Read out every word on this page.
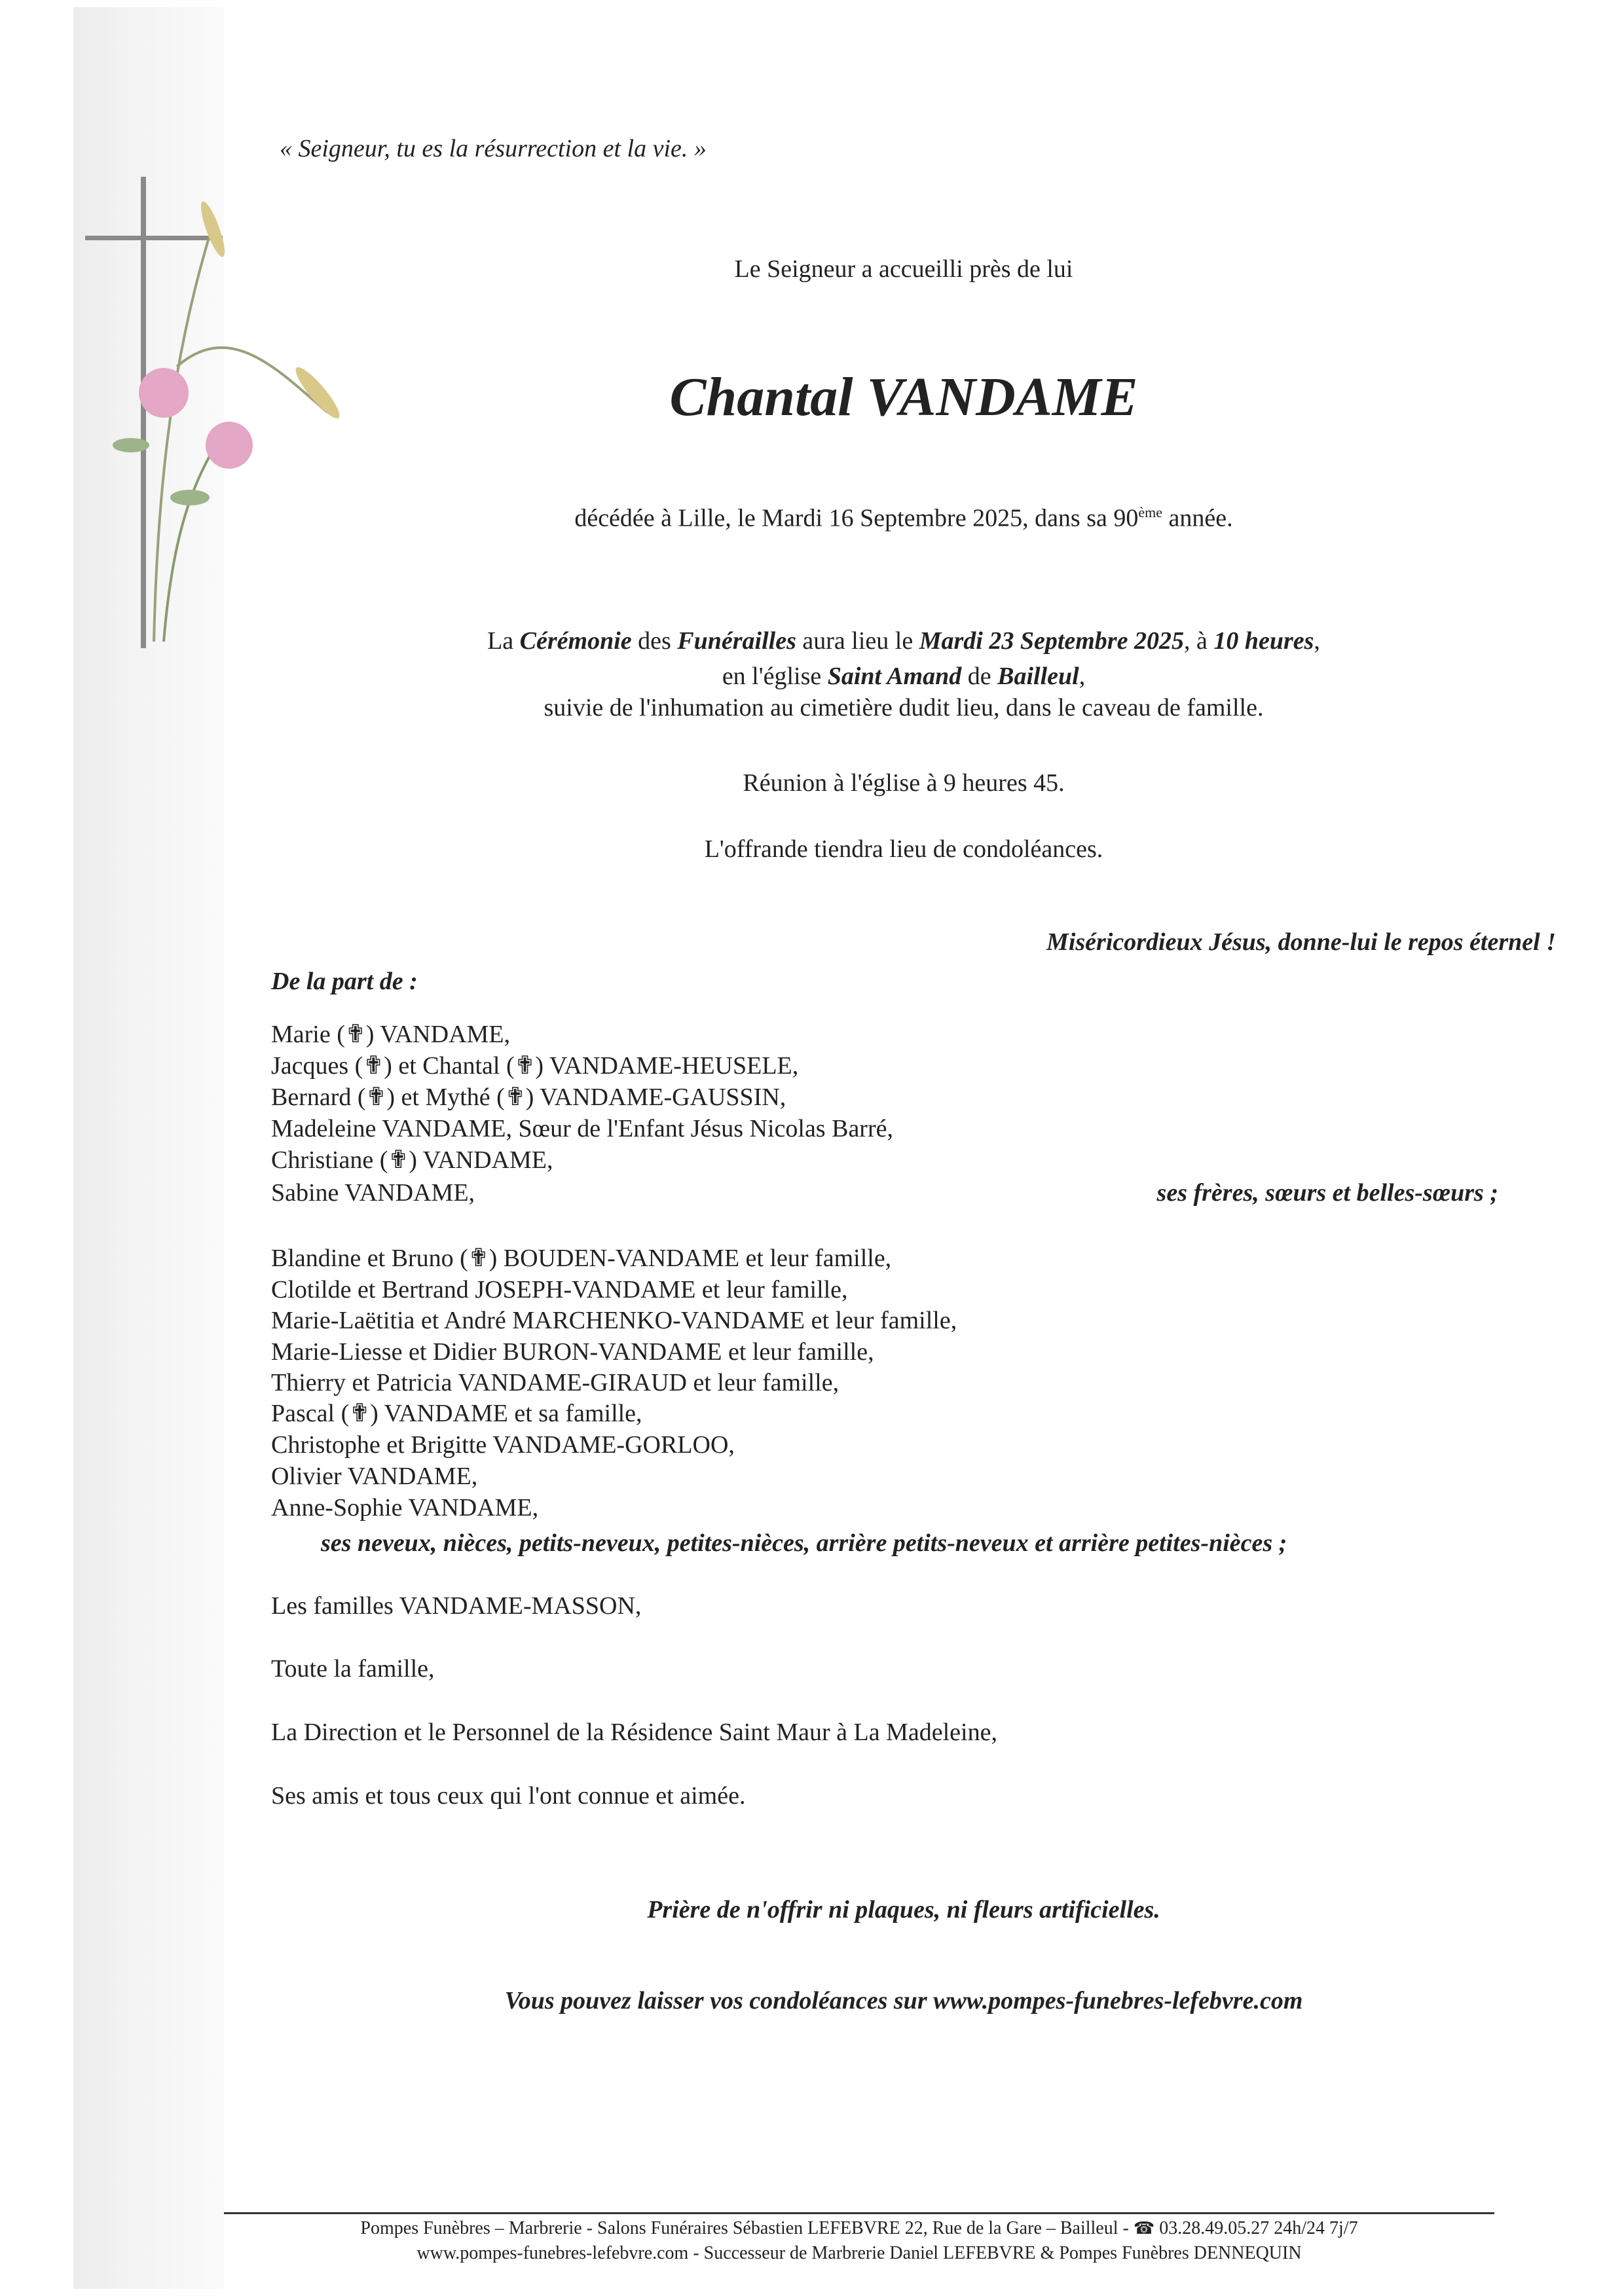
« Seigneur, tu es la résurrection et la vie. »
Le Seigneur a accueilli près de lui
Chantal VANDAME
décédée à Lille, le Mardi 16 Septembre 2025, dans sa 90ème année.
La Cérémonie des Funérailles aura lieu le Mardi 23 Septembre 2025, à 10 heures,
en l'église Saint Amand de Bailleul,
suivie de l'inhumation au cimetière dudit lieu, dans le caveau de famille.
Réunion à l'église à 9 heures 45.
L'offrande tiendra lieu de condoléances.
Miséricordieux Jésus, donne-lui le repos éternel !
De la part de :
Marie (✟) VANDAME,
Jacques (✟) et Chantal (✟) VANDAME-HEUSELE,
Bernard (✟) et Mythé (✟) VANDAME-GAUSSIN,
Madeleine VANDAME, Sœur de l'Enfant Jésus Nicolas Barré,
Christiane (✟) VANDAME,
Sabine VANDAME,	ses frères, sœurs et belles-sœurs ;
Blandine et Bruno (✟) BOUDEN-VANDAME et leur famille,
Clotilde et Bertrand JOSEPH-VANDAME et leur famille,
Marie-Laëtitia et André MARCHENKO-VANDAME et leur famille,
Marie-Liesse et Didier BURON-VANDAME et leur famille,
Thierry et Patricia VANDAME-GIRAUD et leur famille,
Pascal (✟) VANDAME et sa famille,
Christophe et Brigitte VANDAME-GORLOO,
Olivier VANDAME,
Anne-Sophie VANDAME,
ses neveux, nièces, petits-neveux, petites-nièces, arrière petits-neveux et arrière petites-nièces ;
Les familles VANDAME-MASSON,
Toute la famille,
La Direction et le Personnel de la Résidence Saint Maur à La Madeleine,
Ses amis et tous ceux qui l'ont connue et aimée.
Prière de n'offrir ni plaques, ni fleurs artificielles.
Vous pouvez laisser vos condoléances sur www.pompes-funebres-lefebvre.com
Pompes Funèbres – Marbrerie - Salons Funéraires Sébastien LEFEBVRE 22, Rue de la Gare – Bailleul - ☎ 03.28.49.05.27 24h/24 7j/7
www.pompes-funebres-lefebvre.com - Successeur de Marbrerie Daniel LEFEBVRE & Pompes Funèbres DENNEQUIN
